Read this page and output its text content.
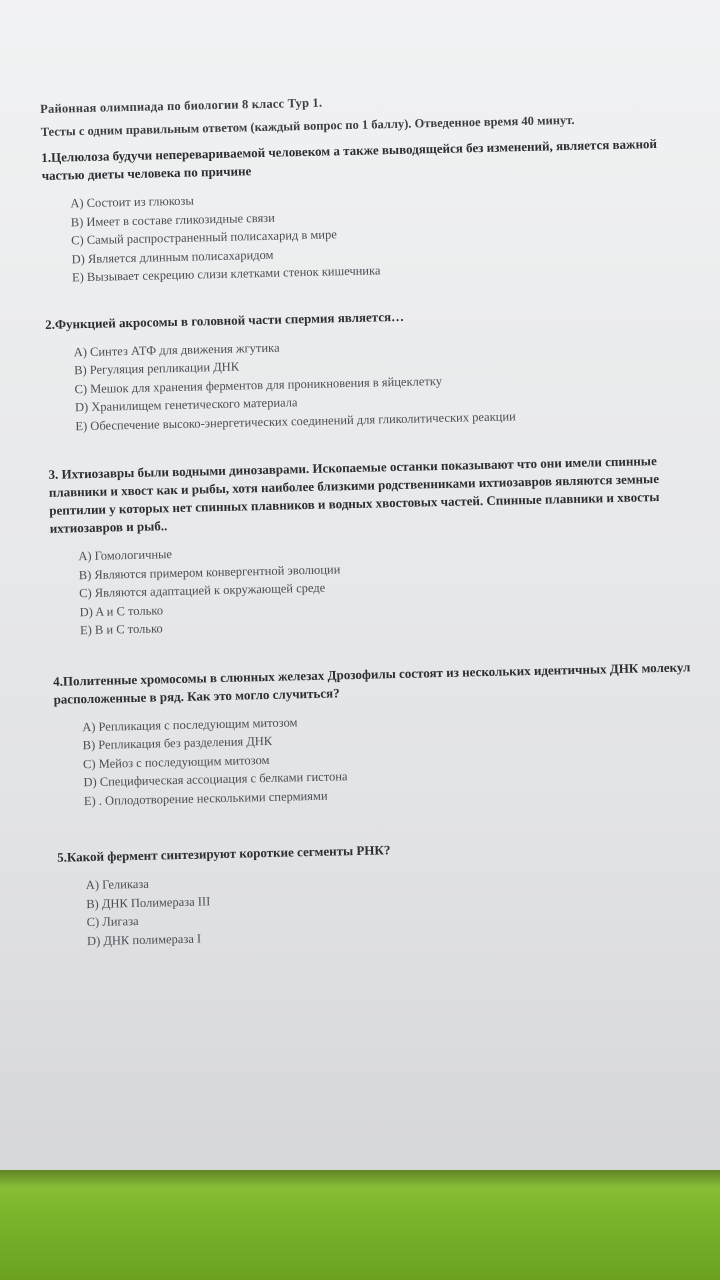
Районная олимпиада по биологии 8 класс Тур 1.

Тесты с одним правильным ответом (каждый вопрос по 1 баллу). Отведенное время 40 минут.

1.Целюлоза будучи неперевариваемой человеком а также выводящейся без изменений, является важной частью диеты человека по причине

A) Состоит из глюкозы
B) Имеет в составе гликозидные связи
C) Самый распространенный полисахарид в мире
D) Является длинным полисахаридом
E) Вызывает секрецию слизи клетками стенок кишечника

2.Функцией акросомы в головной части спермия является…

A) Синтез АТФ для движения жгутика
B) Регуляция репликации ДНК
C) Мешок для хранения ферментов для проникновения в яйцеклетку
D) Хранилищем генетического материала
E) Обеспечение высоко-энергетических соединений для гликолитических реакции

3. Ихтиозавры были водными динозаврами. Ископаемые останки показывают что они имели спинные плавники и хвост как и рыбы, хотя наиболее близкими родственниками ихтиозавров являются земные рептилии у которых нет спинных плавников и водных хвостовых частей. Спинные плавники и хвосты ихтиозавров и рыб..

A) Гомологичные
B) Являются примером конвергентной эволюции
C) Являются адаптацией к окружающей среде
D) A и C только
E) B и C только

4.Политенные хромосомы в слюнных железах Дрозофилы состоят из нескольких идентичных ДНК молекул расположенные в ряд. Как это могло случиться?

A) Репликация с последующим митозом
B) Репликация без разделения ДНК
C) Мейоз с последующим митозом
D) Специфическая ассоциация с белками гистона
E) . Оплодотворение несколькими спермиями

5.Какой фермент синтезируют короткие сегменты РНК?

A) Геликаза
B) ДНК Полимераза III
C) Лигаза
D) ДНК полимераза I
